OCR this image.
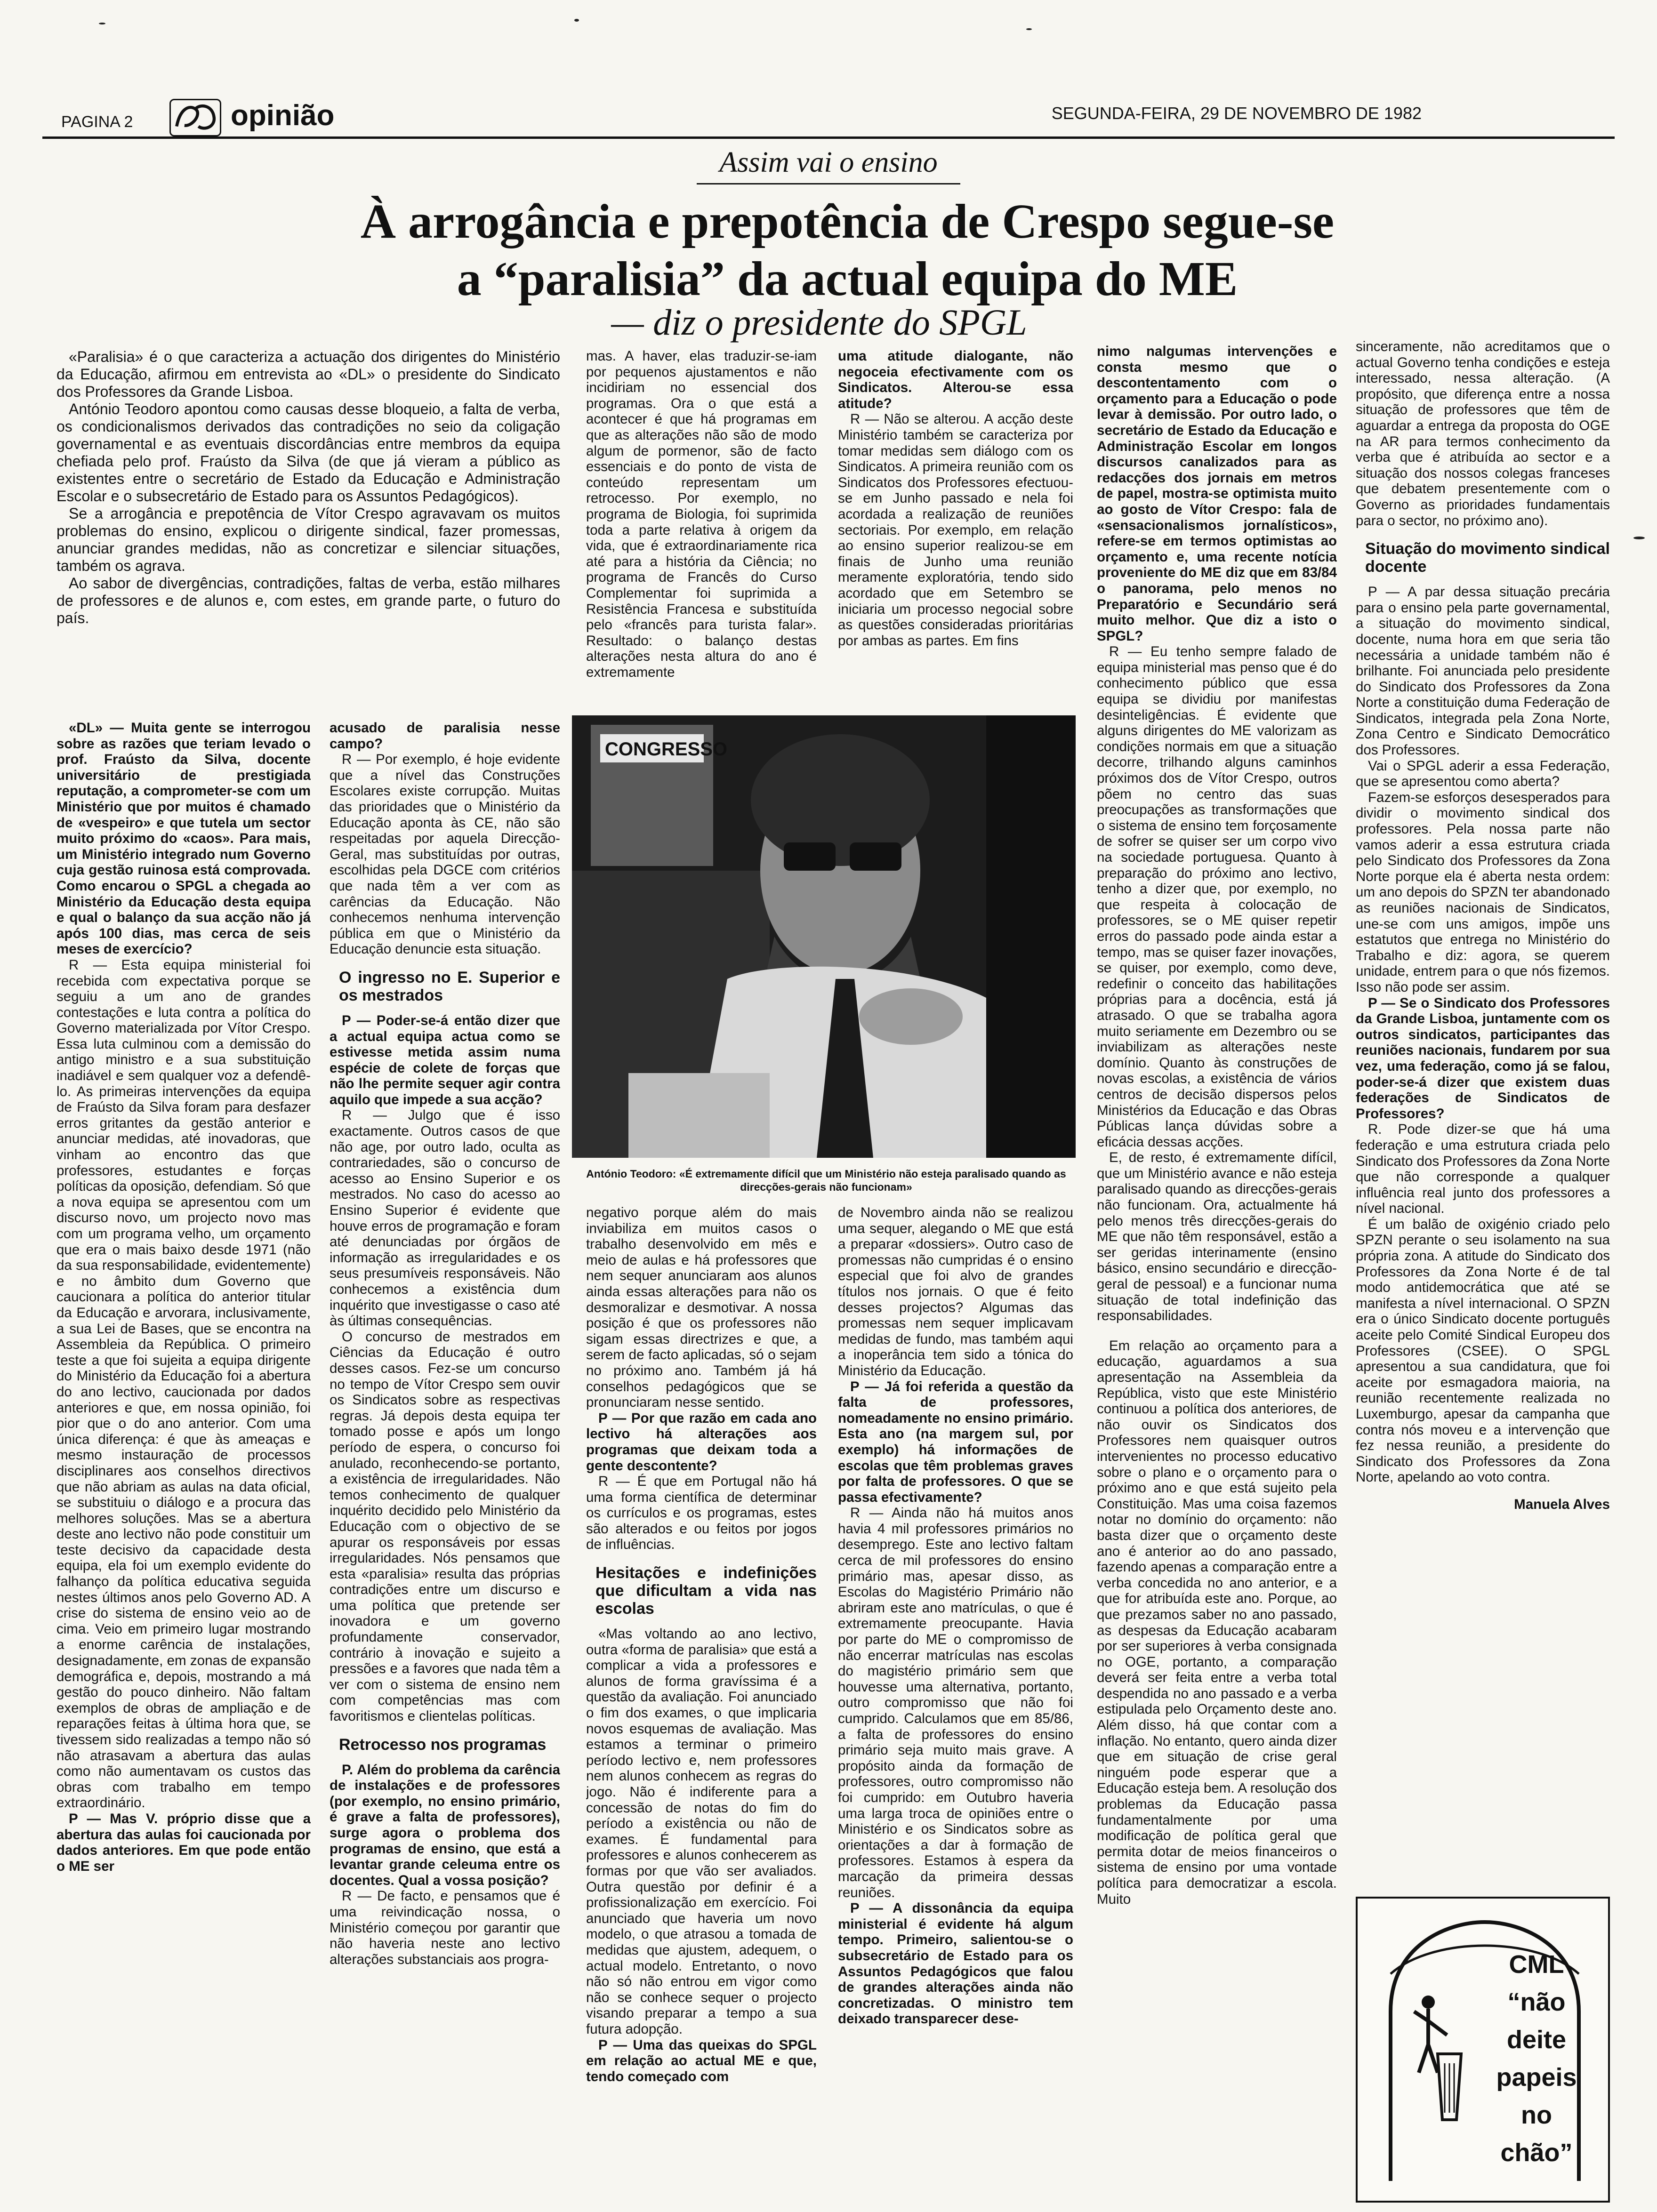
PAGINA 2	opinião	SEGUNDA-FEIRA, 29 DE NOVEMBRO DE 1982
Assim vai o ensino
À arrogância e prepotência de Crespo segue-se
a “paralisia” da actual equipa do ME
— diz o presidente do SPGL

«Paralisia» é o que caracteriza a actuação dos dirigentes do Ministério da Educação, afirmou em entrevista ao «DL» o presidente do Sindicato dos Professores da Grande Lisboa.

António Teodoro apontou como causas desse bloqueio, a falta de verba, os condicionalismos derivados das contradições no seio da coligação governamental e as eventuais discordâncias entre membros da equipa chefiada pelo prof. Fraústo da Silva (de que já vieram a público as existentes entre o secretário de Estado da Educação e Administração Escolar e o subsecretário de Estado para os Assuntos Pedagógicos).

Se a arrogância e prepotência de Vítor Crespo agravavam os muitos problemas do ensino, explicou o dirigente sindical, fazer promessas, anunciar grandes medidas, não as concretizar e silenciar situações, também os agrava.

Ao sabor de divergências, contradições, faltas de verba, estão milhares de professores e de alunos e, com estes, em grande parte, o futuro do país.

«DL» — Muita gente se interrogou sobre as razões que teriam levado o prof. Fraústo da Silva, docente universitário de prestigiada reputação, a comprometer-se com um Ministério que por muitos é chamado de «vespeiro» e que tutela um sector muito próximo do «caos». Para mais, um Ministério integrado num Governo cuja gestão ruinosa está comprovada. Como encarou o SPGL a chegada ao Ministério da Educação desta equipa e qual o balanço da sua acção não já após 100 dias, mas cerca de seis meses de exercício?

R — Esta equipa ministerial foi recebida com expectativa porque se seguiu a um ano de grandes contestações e luta contra a política do Governo materializada por Vítor Crespo. Essa luta culminou com a demissão do antigo ministro e a sua substituição inadiável e sem qualquer voz a defendê-lo. As primeiras intervenções da equipa de Fraústo da Silva foram para desfazer erros gritantes da gestão anterior e anunciar medidas, até inovadoras, que vinham ao encontro das que professores, estudantes e forças políticas da oposição, defendiam. Só que a nova equipa se apresentou com um discurso novo, um projecto novo mas com um programa velho, um orçamento que era o mais baixo desde 1971 (não da sua responsabilidade, evidentemente) e no âmbito dum Governo que caucionara a política do anterior titular da Educação e arvorara, inclusivamente, a sua Lei de Bases, que se encontra na Assembleia da República. O primeiro teste a que foi sujeita a equipa dirigente do Ministério da Educação foi a abertura do ano lectivo, caucionada por dados anteriores e que, em nossa opinião, foi pior que o do ano anterior. Com uma única diferença: é que às ameaças e mesmo instauração de processos disciplinares aos conselhos directivos que não abriam as aulas na data oficial, se substituiu o diálogo e a procura das melhores soluções. Mas se a abertura deste ano lectivo não pode constituir um teste decisivo da capacidade desta equipa, ela foi um exemplo evidente do falhanço da política educativa seguida nestes últimos anos pelo Governo AD. A crise do sistema de ensino veio ao de cima. Veio em primeiro lugar mostrando a enorme carência de instalações, designadamente, em zonas de expansão demográfica e, depois, mostrando a má gestão do pouco dinheiro. Não faltam exemplos de obras de ampliação e de reparações feitas à última hora que, se tivessem sido realizadas a tempo não só não atrasavam a abertura das aulas como não aumentavam os custos das obras com trabalho em tempo extraordinário.

P — Mas V. próprio disse que a abertura das aulas foi caucionada por dados anteriores. Em que pode então o ME ser

acusado de paralisia nesse campo?

R — Por exemplo, é hoje evidente que a nível das Construções Escolares existe corrupção. Muitas das prioridades que o Ministério da Educação aponta às CE, não são respeitadas por aquela Direcção-Geral, mas substituídas por outras, escolhidas pela DGCE com critérios que nada têm a ver com as carências da Educação. Não conhecemos nenhuma intervenção pública em que o Ministério da Educação denuncie esta situação.

O ingresso no E. Superior e os mestrados

P — Poder-se-á então dizer que a actual equipa actua como se estivesse metida assim numa espécie de colete de forças que não lhe permite sequer agir contra aquilo que impede a sua acção?

R — Julgo que é isso exactamente. Outros casos de que não age, por outro lado, oculta as contrariedades, são o concurso de acesso ao Ensino Superior e os mestrados. No caso do acesso ao Ensino Superior é evidente que houve erros de programação e foram até denunciadas por órgãos de informação as irregularidades e os seus presumíveis responsáveis. Não conhecemos a existência dum inquérito que investigasse o caso até às últimas consequências.

O concurso de mestrados em Ciências da Educação é outro desses casos. Fez-se um concurso no tempo de Vítor Crespo sem ouvir os Sindicatos sobre as respectivas regras. Já depois desta equipa ter tomado posse e após um longo período de espera, o concurso foi anulado, reconhecendo-se portanto, a existência de irregularidades. Não temos conhecimento de qualquer inquérito decidido pelo Ministério da Educação com o objectivo de se apurar os responsáveis por essas irregularidades. Nós pensamos que esta «paralisia» resulta das próprias contradições entre um discurso e uma política que pretende ser inovadora e um governo profundamente conservador, contrário à inovação e sujeito a pressões e a favores que nada têm a ver com o sistema de ensino nem com competências mas com favoritismos e clientelas políticas.

Retrocesso nos programas

P. Além do problema da carência de instalações e de professores (por exemplo, no ensino primário, é grave a falta de professores), surge agora o problema dos programas de ensino, que está a levantar grande celeuma entre os docentes. Qual a vossa posição?

R — De facto, e pensamos que é uma reivindicação nossa, o Ministério começou por garantir que não haveria neste ano lectivo alterações substanciais aos progra-

mas. A haver, elas traduzir-se-iam por pequenos ajustamentos e não incidiriam no essencial dos programas. Ora o que está a acontecer é que há programas em que as alterações não são de modo algum de pormenor, são de facto essenciais e do ponto de vista de conteúdo representam um retrocesso. Por exemplo, no programa de Biologia, foi suprimida toda a parte relativa à origem da vida, que é extraordinariamente rica até para a história da Ciência; no programa de Francês do Curso Complementar foi suprimida a Resistência Francesa e substituída pelo «francês para turista falar». Resultado: o balanço destas alterações nesta altura do ano é extremamente

uma atitude dialogante, não negoceia efectivamente com os Sindicatos. Alterou-se essa atitude?

R — Não se alterou. A acção deste Ministério também se caracteriza por tomar medidas sem diálogo com os Sindicatos. A primeira reunião com os Sindicatos dos Professores efectuou-se em Junho passado e nela foi acordada a realização de reuniões sectoriais. Por exemplo, em relação ao ensino superior realizou-se em finais de Junho uma reunião meramente exploratória, tendo sido acordado que em Setembro se iniciaria um processo negocial sobre as questões consideradas prioritárias por ambas as partes. Em fins

CONGRESSO
António Teodoro: «É extremamente difícil que um Ministério não esteja paralisado quando as direcções-gerais não funcionam»

negativo porque além do mais inviabiliza em muitos casos o trabalho desenvolvido em mês e meio de aulas e há professores que nem sequer anunciaram aos alunos ainda essas alterações para não os desmoralizar e desmotivar. A nossa posição é que os professores não sigam essas directrizes e que, a serem de facto aplicadas, só o sejam no próximo ano. Também já há conselhos pedagógicos que se pronunciaram nesse sentido.

P — Por que razão em cada ano lectivo há alterações aos programas que deixam toda a gente descontente?

R — É que em Portugal não há uma forma científica de determinar os currículos e os programas, estes são alterados e ou feitos por jogos de influências.

Hesitações e indefinições que dificultam a vida nas escolas

«Mas voltando ao ano lectivo, outra «forma de paralisia» que está a complicar a vida a professores e alunos de forma gravíssima é a questão da avaliação. Foi anunciado o fim dos exames, o que implicaria novos esquemas de avaliação. Mas estamos a terminar o primeiro período lectivo e, nem professores nem alunos conhecem as regras do jogo. Não é indiferente para a concessão de notas do fim do período a existência ou não de exames. É fundamental para professores e alunos conhecerem as formas por que vão ser avaliados. Outra questão por definir é a profissionalização em exercício. Foi anunciado que haveria um novo modelo, o que atrasou a tomada de medidas que ajustem, adequem, o actual modelo. Entretanto, o novo não só não entrou em vigor como não se conhece sequer o projecto visando preparar a tempo a sua futura adopção.

P — Uma das queixas do SPGL em relação ao actual ME e que, tendo começado com

de Novembro ainda não se realizou uma sequer, alegando o ME que está a preparar «dossiers». Outro caso de promessas não cumpridas é o ensino especial que foi alvo de grandes títulos nos jornais. O que é feito desses projectos? Algumas das promessas nem sequer implicavam medidas de fundo, mas também aqui a inoperância tem sido a tónica do Ministério da Educação.

P — Já foi referida a questão da falta de professores, nomeadamente no ensino primário. Esta ano (na margem sul, por exemplo) há informações de escolas que têm problemas graves por falta de professores. O que se passa efectivamente?

R — Ainda não há muitos anos havia 4 mil professores primários no desemprego. Este ano lectivo faltam cerca de mil professores do ensino primário mas, apesar disso, as Escolas do Magistério Primário não abriram este ano matrículas, o que é extremamente preocupante. Havia por parte do ME o compromisso de não encerrar matrículas nas escolas do magistério primário sem que houvesse uma alternativa, portanto, outro compromisso que não foi cumprido. Calculamos que em 85/86, a falta de professores do ensino primário seja muito mais grave. A propósito ainda da formação de professores, outro compromisso não foi cumprido: em Outubro haveria uma larga troca de opiniões entre o Ministério e os Sindicatos sobre as orientações a dar à formação de professores. Estamos à espera da marcação da primeira dessas reuniões.

P — A dissonância da equipa ministerial é evidente há algum tempo. Primeiro, salientou-se o subsecretário de Estado para os Assuntos Pedagógicos que falou de grandes alterações ainda não concretizadas. O ministro tem deixado transparecer dese-

nimo nalgumas intervenções e consta mesmo que o descontentamento com o orçamento para a Educação o pode levar à demissão. Por outro lado, o secretário de Estado da Educação e Administração Escolar em longos discursos canalizados para as redacções dos jornais em metros de papel, mostra-se optimista muito ao gosto de Vítor Crespo: fala de «sensacionalismos jornalísticos», refere-se em termos optimistas ao orçamento e, uma recente notícia proveniente do ME diz que em 83/84 o panorama, pelo menos no Preparatório e Secundário será muito melhor. Que diz a isto o SPGL?

R — Eu tenho sempre falado de equipa ministerial mas penso que é do conhecimento público que essa equipa se dividiu por manifestas desinteligências. É evidente que alguns dirigentes do ME valorizam as condições normais em que a situação decorre, trilhando alguns caminhos próximos dos de Vítor Crespo, outros põem no centro das suas preocupações as transformações que o sistema de ensino tem forçosamente de sofrer se quiser ser um corpo vivo na sociedade portuguesa. Quanto à preparação do próximo ano lectivo, tenho a dizer que, por exemplo, no que respeita à colocação de professores, se o ME quiser repetir erros do passado pode ainda estar a tempo, mas se quiser fazer inovações, se quiser, por exemplo, como deve, redefinir o conceito das habilitações próprias para a docência, está já atrasado. O que se trabalha agora muito seriamente em Dezembro ou se inviabilizam as alterações neste domínio. Quanto às construções de novas escolas, a existência de vários centros de decisão dispersos pelos Ministérios da Educação e das Obras Públicas lança dúvidas sobre a eficácia dessas acções.

E, de resto, é extremamente difícil, que um Ministério avance e não esteja paralisado quando as direcções-gerais não funcionam. Ora, actualmente há pelo menos três direcções-gerais do ME que não têm responsável, estão a ser geridas interinamente (ensino básico, ensino secundário e direcção-geral de pessoal) e a funcionar numa situação de total indefinição das responsabilidades.

Em relação ao orçamento para a educação, aguardamos a sua apresentação na Assembleia da República, visto que este Ministério continuou a política dos anteriores, de não ouvir os Sindicatos dos Professores nem quaisquer outros intervenientes no processo educativo sobre o plano e o orçamento para o próximo ano e que está sujeito pela Constituição. Mas uma coisa fazemos notar no domínio do orçamento: não basta dizer que o orçamento deste ano é anterior ao do ano passado, fazendo apenas a comparação entre a verba concedida no ano anterior, e a que for atribuída este ano. Porque, ao que prezamos saber no ano passado, as despesas da Educação acabaram por ser superiores à verba consignada no OGE, portanto, a comparação deverá ser feita entre a verba total despendida no ano passado e a verba estipulada pelo Orçamento deste ano. Além disso, há que contar com a inflação. No entanto, quero ainda dizer que em situação de crise geral ninguém pode esperar que a Educação esteja bem. A resolução dos problemas da Educação passa fundamentalmente por uma modificação de política geral que permita dotar de meios financeiros o sistema de ensino por uma vontade política para democratizar a escola. Muito

sinceramente, não acreditamos que o actual Governo tenha condições e esteja interessado, nessa alteração. (A propósito, que diferença entre a nossa situação de professores que têm de aguardar a entrega da proposta do OGE na AR para termos conhecimento da verba que é atribuída ao sector e a situação dos nossos colegas franceses que debatem presentemente com o Governo as prioridades fundamentais para o sector, no próximo ano).

Situação do movimento sindical docente

P — A par dessa situação precária para o ensino pela parte governamental, a situação do movimento sindical, docente, numa hora em que seria tão necessária a unidade também não é brilhante. Foi anunciada pelo presidente do Sindicato dos Professores da Zona Norte a constituição duma Federação de Sindicatos, integrada pela Zona Norte, Zona Centro e Sindicato Democrático dos Professores.

Vai o SPGL aderir a essa Federação, que se apresentou como aberta?

Fazem-se esforços desesperados para dividir o movimento sindical dos professores. Pela nossa parte não vamos aderir a essa estrutura criada pelo Sindicato dos Professores da Zona Norte porque ela é aberta nesta ordem: um ano depois do SPZN ter abandonado as reuniões nacionais de Sindicatos, une-se com uns amigos, impõe uns estatutos que entrega no Ministério do Trabalho e diz: agora, se querem unidade, entrem para o que nós fizemos. Isso não pode ser assim.

P — Se o Sindicato dos Professores da Grande Lisboa, juntamente com os outros sindicatos, participantes das reuniões nacionais, fundarem por sua vez, uma federação, como já se falou, poder-se-á dizer que existem duas federações de Sindicatos de Professores?

R. Pode dizer-se que há uma federação e uma estrutura criada pelo Sindicato dos Professores da Zona Norte que não corresponde a qualquer influência real junto dos professores a nível nacional.

É um balão de oxigénio criado pelo SPZN perante o seu isolamento na sua própria zona. A atitude do Sindicato dos Professores da Zona Norte é de tal modo antidemocrática que até se manifesta a nível internacional. O SPZN era o único Sindicato docente português aceite pelo Comité Sindical Europeu dos Professores (CSEE). O SPGL apresentou a sua candidatura, que foi aceite por esmagadora maioria, na reunião recentemente realizada no Luxemburgo, apesar da campanha que contra nós moveu e a intervenção que fez nessa reunião, a presidente do Sindicato dos Professores da Zona Norte, apelando ao voto contra.

Manuela Alves

CML
“não
deite
papeis
no
chão”
